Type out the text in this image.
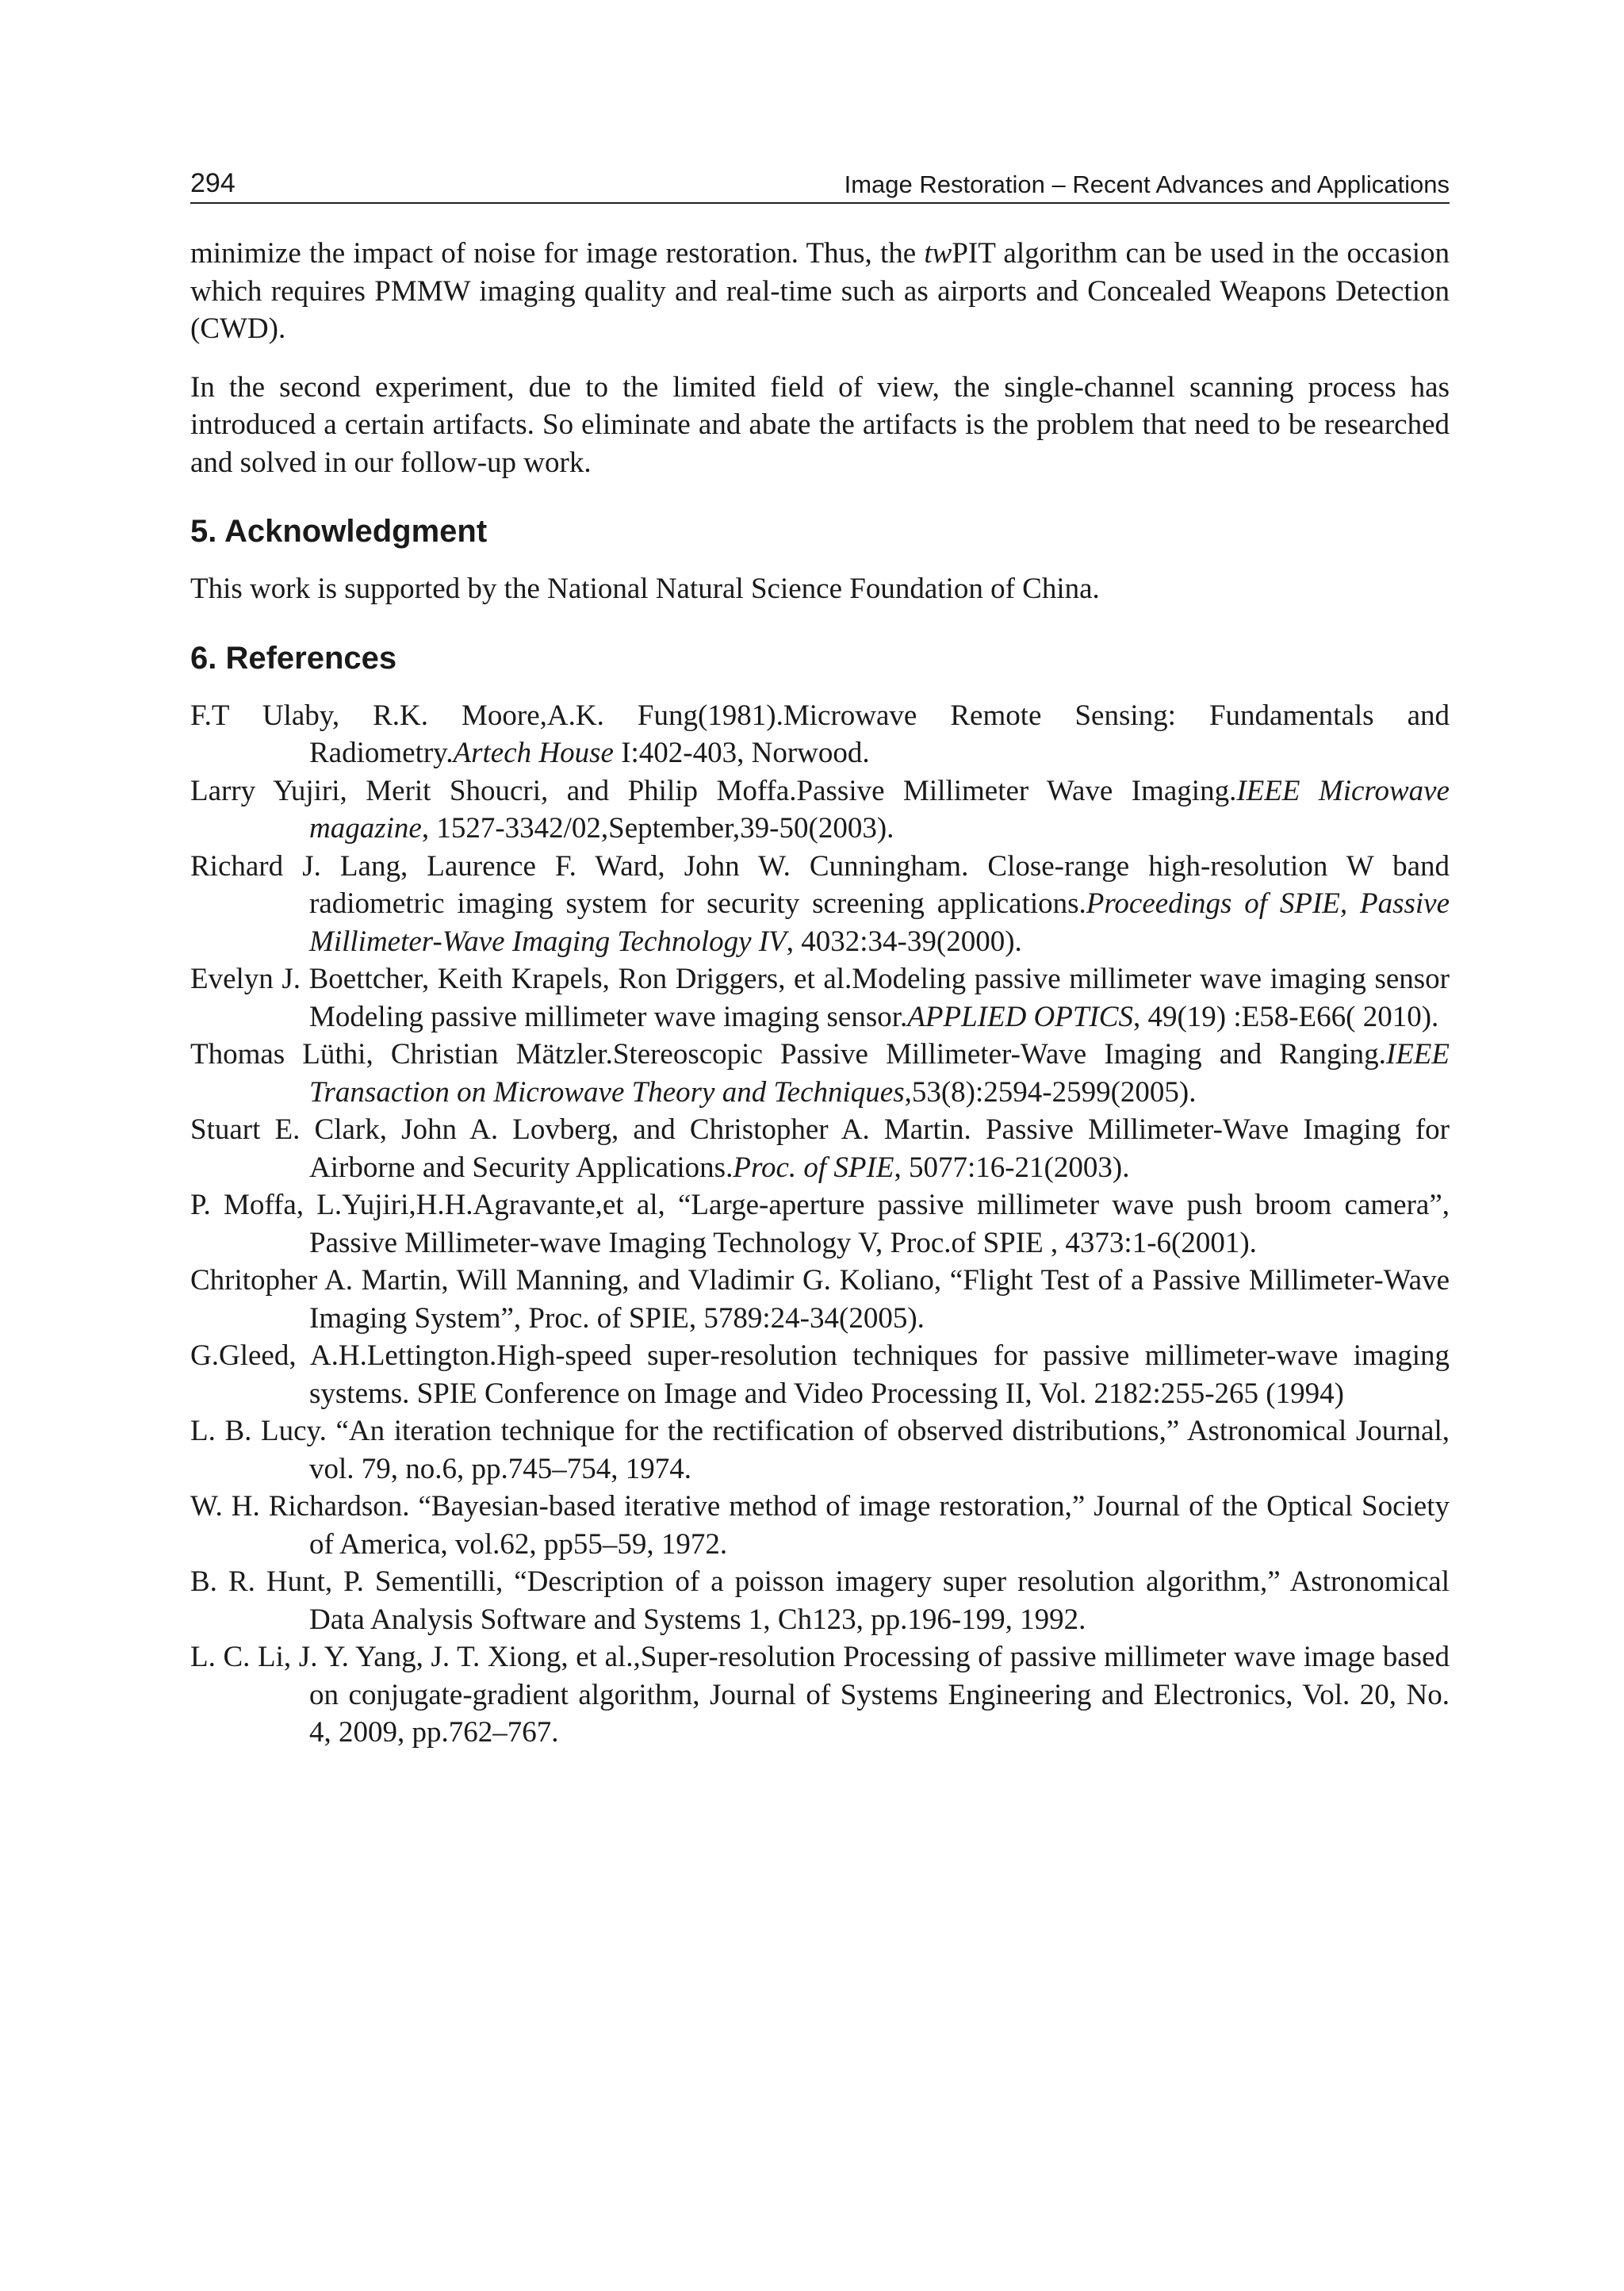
294	Image Restoration – Recent Advances and Applications

minimize the impact of noise for image restoration. Thus, the twPIT algorithm can be used in the occasion which requires PMMW imaging quality and real-time such as airports and Concealed Weapons Detection (CWD).

In the second experiment, due to the limited field of view, the single-channel scanning process has introduced a certain artifacts. So eliminate and abate the artifacts is the problem that need to be researched and solved in our follow-up work.

5. Acknowledgment

This work is supported by the National Natural Science Foundation of China.

6. References
F.T Ulaby, R.K. Moore,A.K. Fung(1981).Microwave Remote Sensing: Fundamentals and Radiometry.Artech House I:402-403, Norwood.
Larry Yujiri, Merit Shoucri, and Philip Moffa.Passive Millimeter Wave Imaging.IEEE Microwave magazine, 1527-3342/02,September,39-50(2003).
Richard J. Lang, Laurence F. Ward, John W. Cunningham. Close-range high-resolution W band radiometric imaging system for security screening applications.Proceedings of SPIE, Passive Millimeter-Wave Imaging Technology IV, 4032:34-39(2000).
Evelyn J. Boettcher, Keith Krapels, Ron Driggers, et al.Modeling passive millimeter wave imaging sensor Modeling passive millimeter wave imaging sensor.APPLIED OPTICS, 49(19) :E58-E66( 2010).
Thomas Lüthi, Christian Mätzler.Stereoscopic Passive Millimeter-Wave Imaging and Ranging.IEEE Transaction on Microwave Theory and Techniques,53(8):2594-2599(2005).
Stuart E. Clark, John A. Lovberg, and Christopher A. Martin. Passive Millimeter-Wave Imaging for Airborne and Security Applications.Proc. of SPIE, 5077:16-21(2003).
P. Moffa, L.Yujiri,H.H.Agravante,et al, “Large-aperture passive millimeter wave push broom camera”, Passive Millimeter-wave Imaging Technology V, Proc.of SPIE , 4373:1-6(2001).
Chritopher A. Martin, Will Manning, and Vladimir G. Koliano, “Flight Test of a Passive Millimeter-Wave Imaging System”, Proc. of SPIE, 5789:24-34(2005).
G.Gleed, A.H.Lettington.High-speed super-resolution techniques for passive millimeter-wave imaging systems. SPIE Conference on Image and Video Processing II, Vol. 2182:255-265 (1994)
L. B. Lucy. “An iteration technique for the rectification of observed distributions,” Astronomical Journal, vol. 79, no.6, pp.745–754, 1974.
W. H. Richardson. “Bayesian-based iterative method of image restoration,” Journal of the Optical Society of America, vol.62, pp55–59, 1972.
B. R. Hunt, P. Sementilli, “Description of a poisson imagery super resolution algorithm,” Astronomical Data Analysis Software and Systems 1, Ch123, pp.196-199, 1992.
L. C. Li, J. Y. Yang, J. T. Xiong, et al.,Super-resolution Processing of passive millimeter wave image based on conjugate-gradient algorithm, Journal of Systems Engineering and Electronics, Vol. 20, No. 4, 2009, pp.762–767.
